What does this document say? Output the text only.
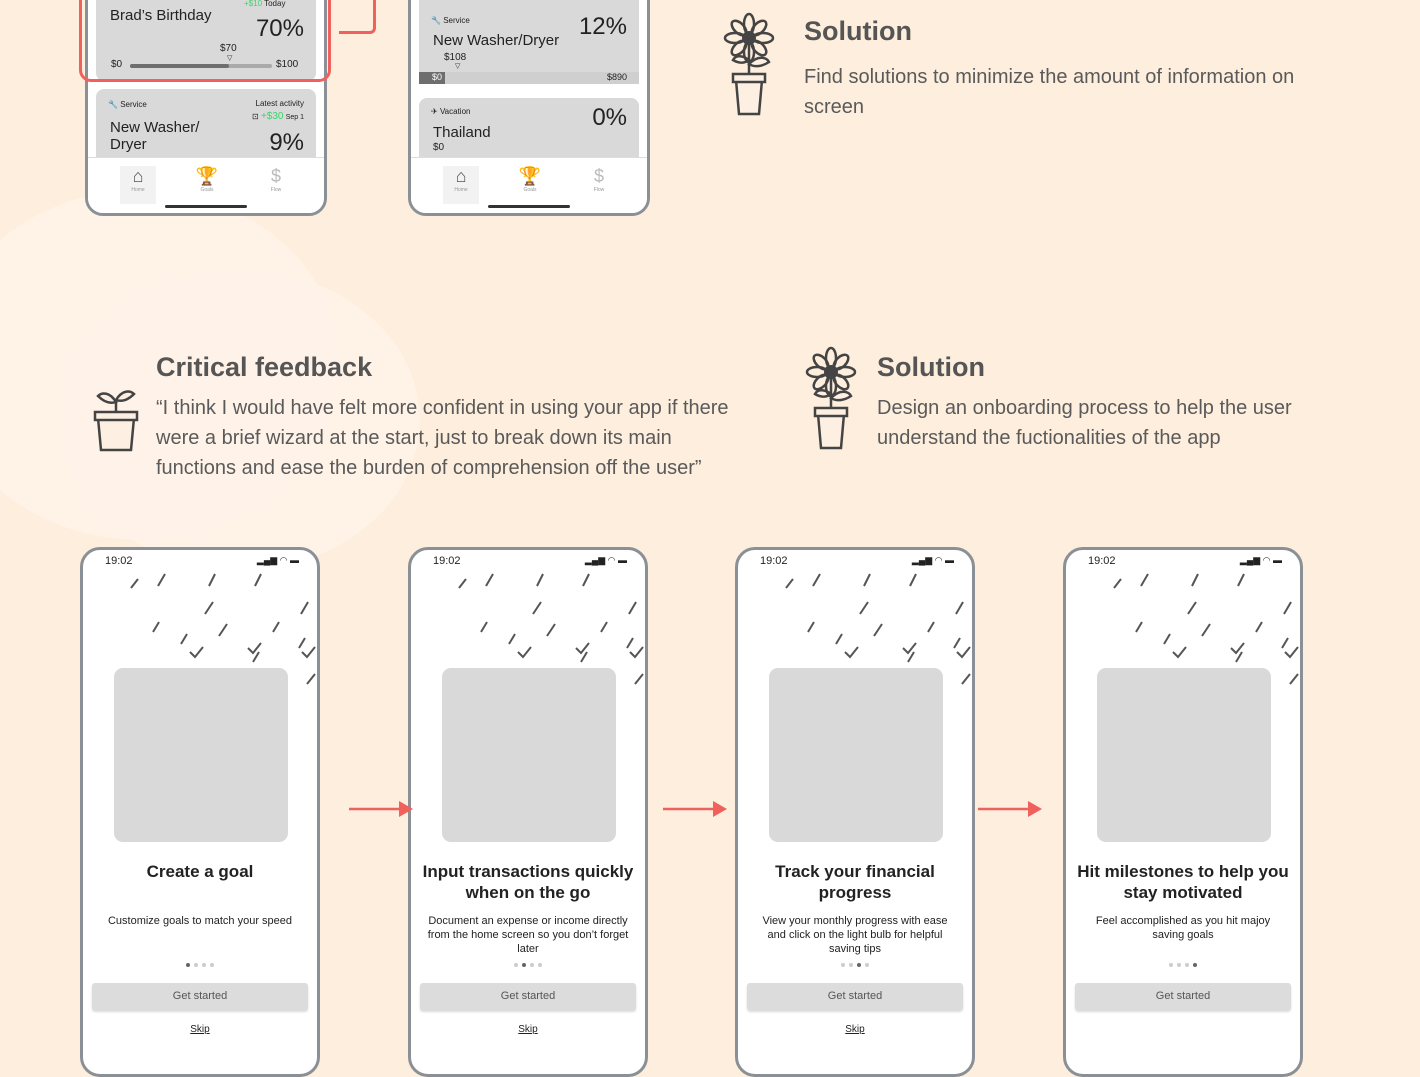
Brad’s Birthday
+$10 Today
70%
$70
▽
$0	$100
🔧 Service	Latest activity
⊡ +$30 Sep 1
New Washer/
Dryer	9%
⌂
Home
🏆
Goals
$
Flow
🔧 Service
New Washer/Dryer
12%
$108
▽
$0	$890
✈ Vacation
Thailand
0%
$0
⌂
Home
🏆
Goals
$
Flow
Solution
Find solutions to minimize the amount of information on screen
Critical feedback
“I think I would have felt more confident in using your app if there were a brief wizard at the start, just to break down its main functions and ease the burden of comprehension off the user”
Solution
Design an onboarding process to help the user understand the fuctionalities of the app
19:02	▂▄▆ ◠ ▬
Create a goal
Customize goals to match your speed
Get started
Skip
19:02	▂▄▆ ◠ ▬
Input transactions quickly when on the go
Document an expense or income directly from the home screen so you don’t forget later
Get started
Skip
19:02	▂▄▆ ◠ ▬
Track your financial progress
View your monthly progress with ease and click on the light bulb for helpful saving tips
Get started
Skip
19:02	▂▄▆ ◠ ▬
Hit milestones to help you stay motivated
Feel accomplished as you hit majoy saving goals
Get started
